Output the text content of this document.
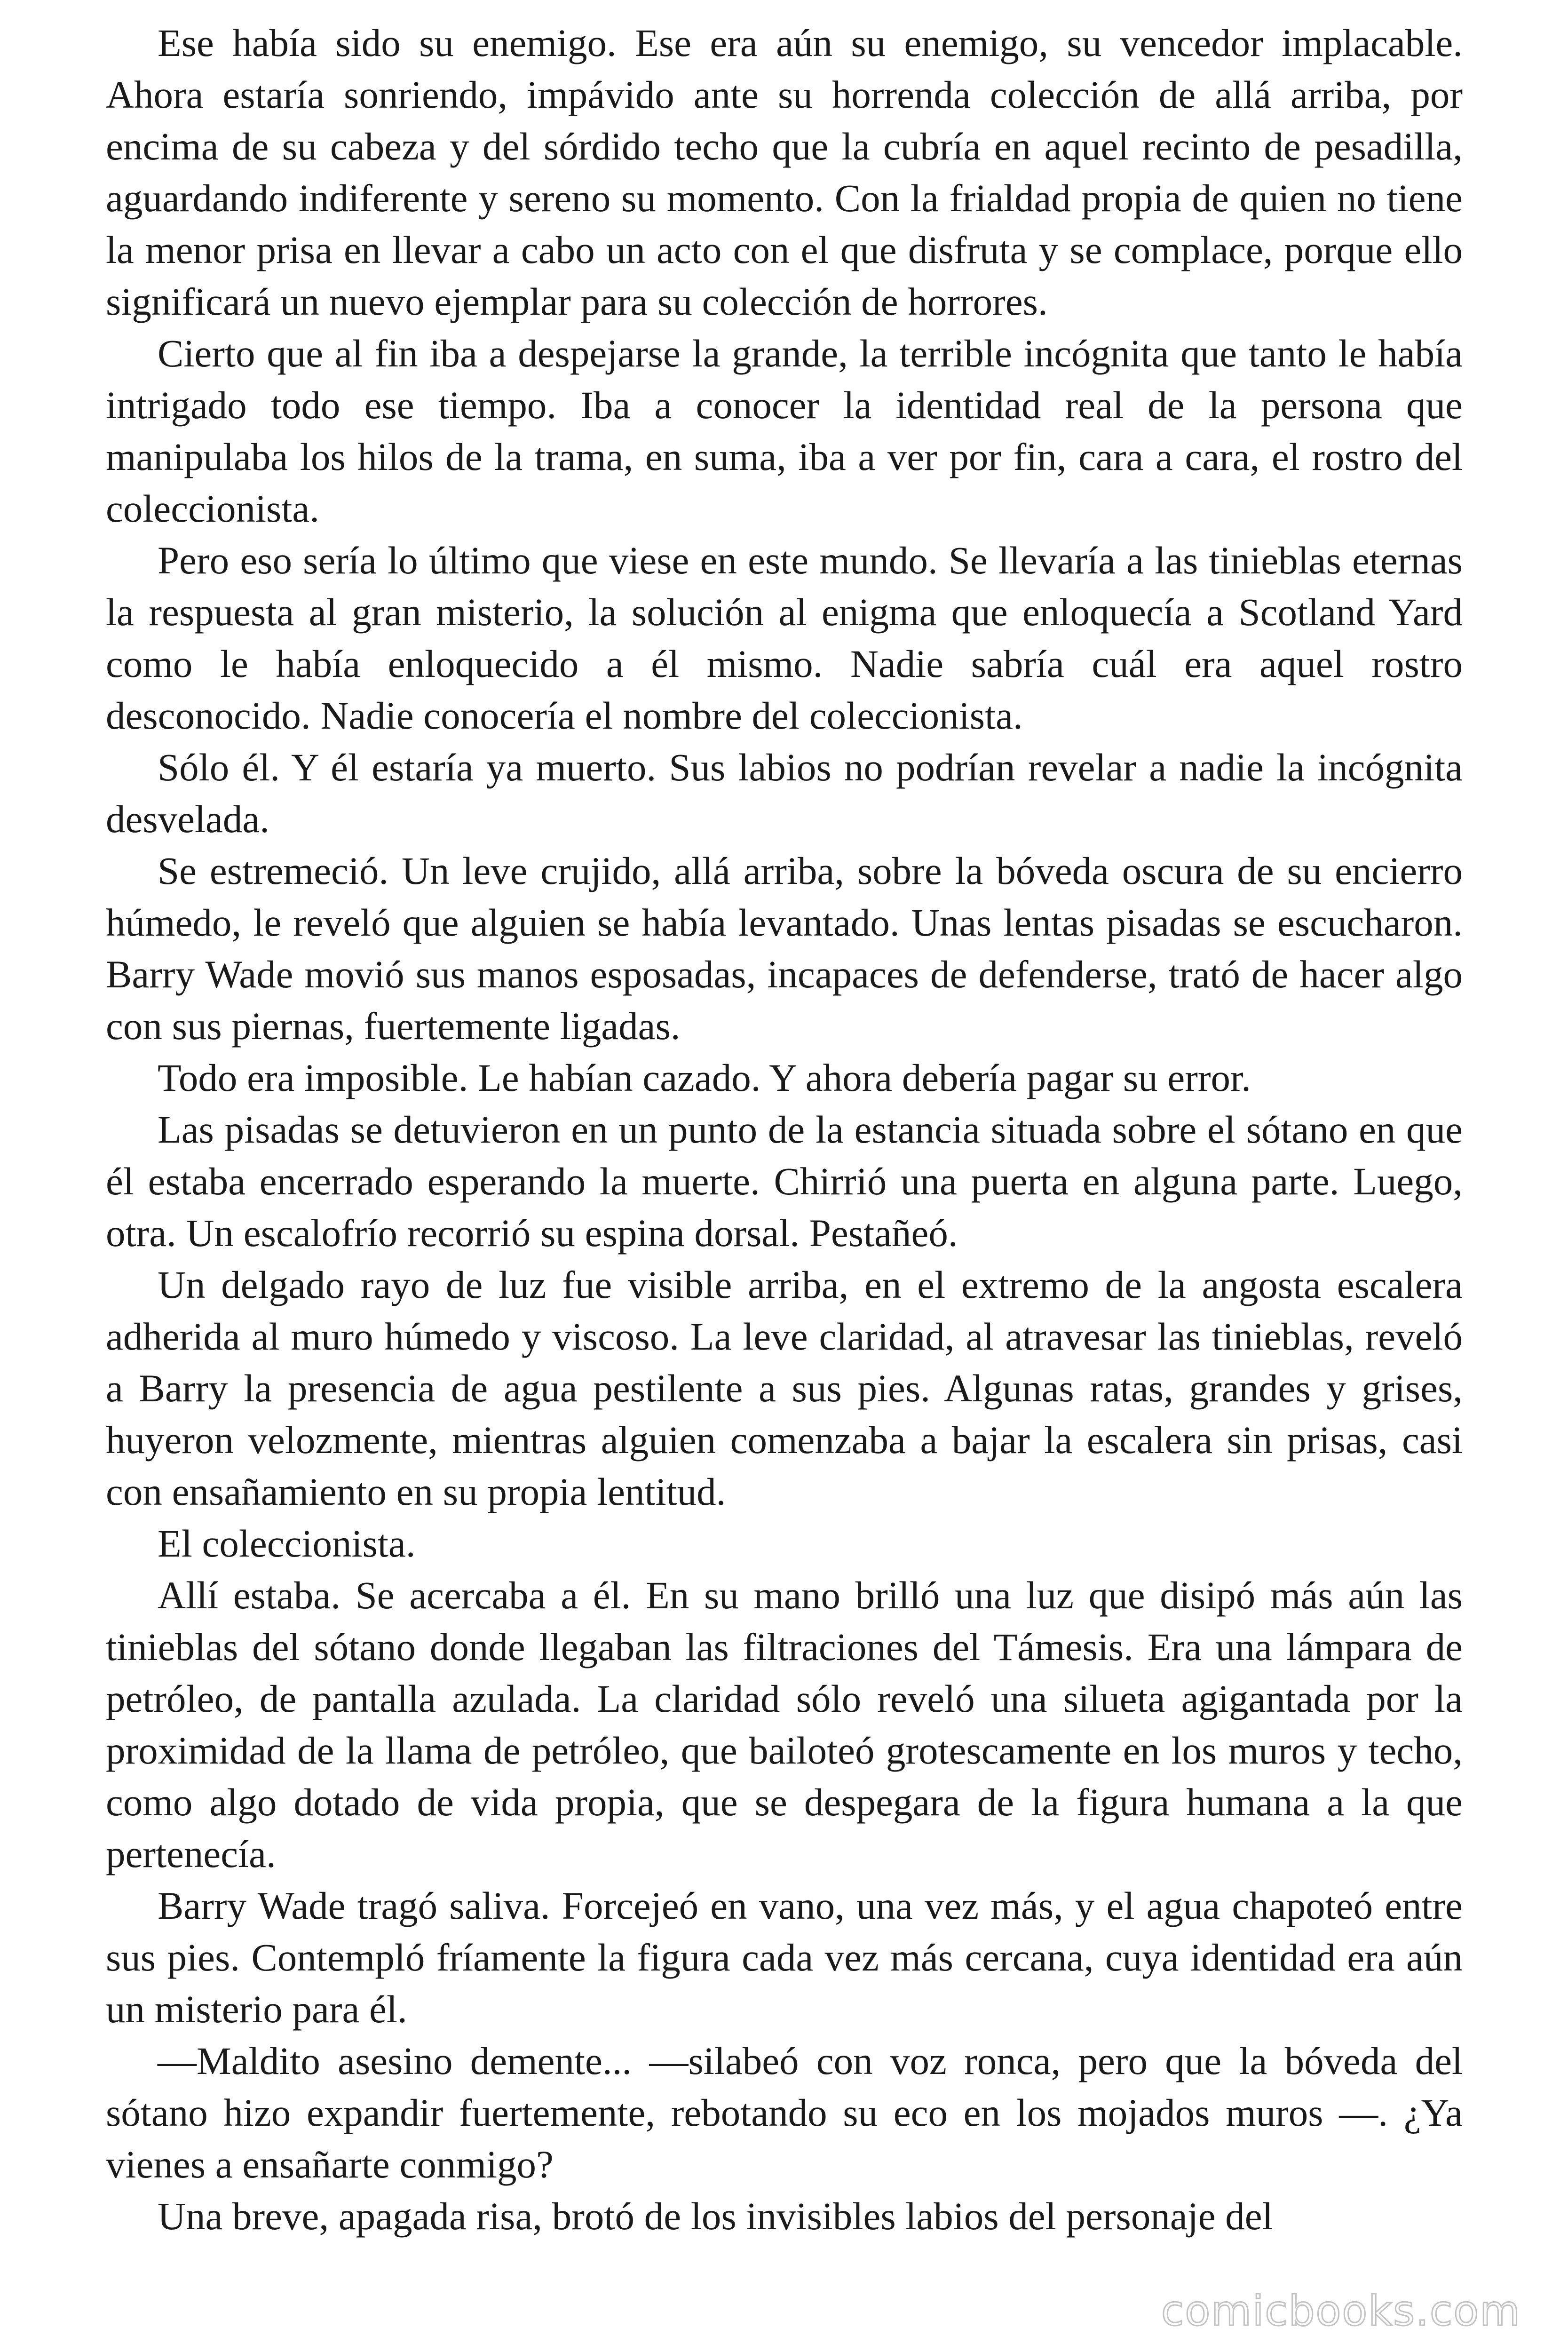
Ese había sido su enemigo. Ese era aún su enemigo, su vencedor implacable. Ahora estaría sonriendo, impávido ante su horrenda colección de allá arriba, por encima de su cabeza y del sórdido techo que la cubría en aquel recinto de pesadilla, aguardando indiferente y sereno su momento. Con la frialdad propia de quien no tiene la menor prisa en llevar a cabo un acto con el que disfruta y se complace, porque ello significará un nuevo ejemplar para su colección de horrores.

Cierto que al fin iba a despejarse la grande, la terrible incógnita que tanto le había intrigado todo ese tiempo. Iba a conocer la identidad real de la persona que manipulaba los hilos de la trama, en suma, iba a ver por fin, cara a cara, el rostro del coleccionista.

Pero eso sería lo último que viese en este mundo. Se llevaría a las tinieblas eternas la respuesta al gran misterio, la solución al enigma que enloquecía a Scotland Yard como le había enloquecido a él mismo. Nadie sabría cuál era aquel rostro desconocido. Nadie conocería el nombre del coleccionista.

Sólo él. Y él estaría ya muerto. Sus labios no podrían revelar a nadie la incógnita desvelada.

Se estremeció. Un leve crujido, allá arriba, sobre la bóveda oscura de su encierro húmedo, le reveló que alguien se había levantado. Unas lentas pisadas se escucharon. Barry Wade movió sus manos esposadas, incapaces de defenderse, trató de hacer algo con sus piernas, fuertemente ligadas.

Todo era imposible. Le habían cazado. Y ahora debería pagar su error.

Las pisadas se detuvieron en un punto de la estancia situada sobre el sótano en que él estaba encerrado esperando la muerte. Chirrió una puerta en alguna parte. Luego, otra. Un escalofrío recorrió su espina dorsal. Pestañeó.

Un delgado rayo de luz fue visible arriba, en el extremo de la angosta escalera adherida al muro húmedo y viscoso. La leve claridad, al atravesar las tinieblas, reveló a Barry la presencia de agua pestilente a sus pies. Algunas ratas, grandes y grises, huyeron velozmente, mientras alguien comenzaba a bajar la escalera sin prisas, casi con ensañamiento en su propia lentitud.

El coleccionista.

Allí estaba. Se acercaba a él. En su mano brilló una luz que disipó más aún las tinieblas del sótano donde llegaban las filtraciones del Támesis. Era una lámpara de petróleo, de pantalla azulada. La claridad sólo reveló una silueta agigantada por la proximidad de la llama de petróleo, que bailoteó grotescamente en los muros y techo, como algo dotado de vida propia, que se despegara de la figura humana a la que pertenecía.

Barry Wade tragó saliva. Forcejeó en vano, una vez más, y el agua chapoteó entre sus pies. Contempló fríamente la figura cada vez más cercana, cuya identidad era aún un misterio para él.

—Maldito asesino demente... —silabeó con voz ronca, pero que la bóveda del sótano hizo expandir fuertemente, rebotando su eco en los mojados muros —. ¿Ya vienes a ensañarte conmigo?

Una breve, apagada risa, brotó de los invisibles labios del personaje del

comicbooks.com
